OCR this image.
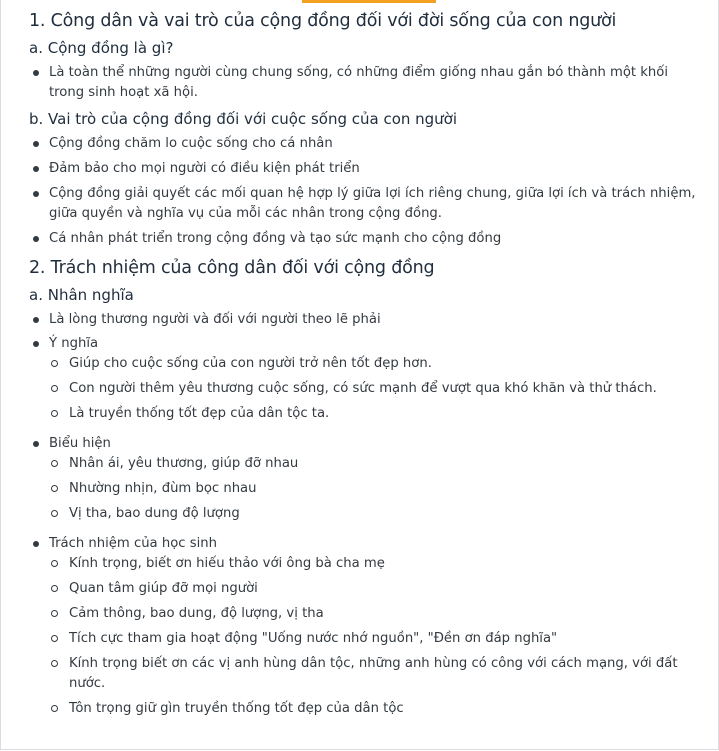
1. Công dân và vai trò của cộng đồng đối với đời sống của con người
a. Cộng đồng là gì?
Là toàn thể những người cùng chung sống, có những điểm giống nhau gắn bó thành một khối trong sinh hoạt xã hội.
b. Vai trò của cộng đồng đối với cuộc sống của con người
Cộng đồng chăm lo cuộc sống cho cá nhân
Đảm bảo cho mọi người có điều kiện phát triển
Cộng đồng giải quyết các mối quan hệ hợp lý giữa lợi ích riêng chung, giữa lợi ích và trách nhiệm, giữa quyền và nghĩa vụ của mỗi các nhân trong cộng đồng.
Cá nhân phát triển trong cộng đồng và tạo sức mạnh cho cộng đồng
2. Trách nhiệm của công dân đối với cộng đồng
a. Nhân nghĩa
Là lòng thương người và đối với người theo lẽ phải
Ý nghĩa
Giúp cho cuộc sống của con người trở nên tốt đẹp hơn.
Con người thêm yêu thương cuộc sống, có sức mạnh để vượt qua khó khăn và thử thách.
Là truyền thống tốt đẹp của dân tộc ta.
Biểu hiện
Nhân ái, yêu thương, giúp đỡ nhau
Nhường nhịn, đùm bọc nhau
Vị tha, bao dung độ lượng
Trách nhiệm của học sinh
Kính trọng, biết ơn hiếu thảo với ông bà cha mẹ
Quan tâm giúp đỡ mọi người
Cảm thông, bao dung, độ lượng, vị tha
Tích cực tham gia hoạt động "Uống nước nhớ nguồn", "Đền ơn đáp nghĩa"
Kính trọng biết ơn các vị anh hùng dân tộc, những anh hùng có công với cách mạng, với đất nước.
Tôn trọng giữ gìn truyền thống tốt đẹp của dân tộc
